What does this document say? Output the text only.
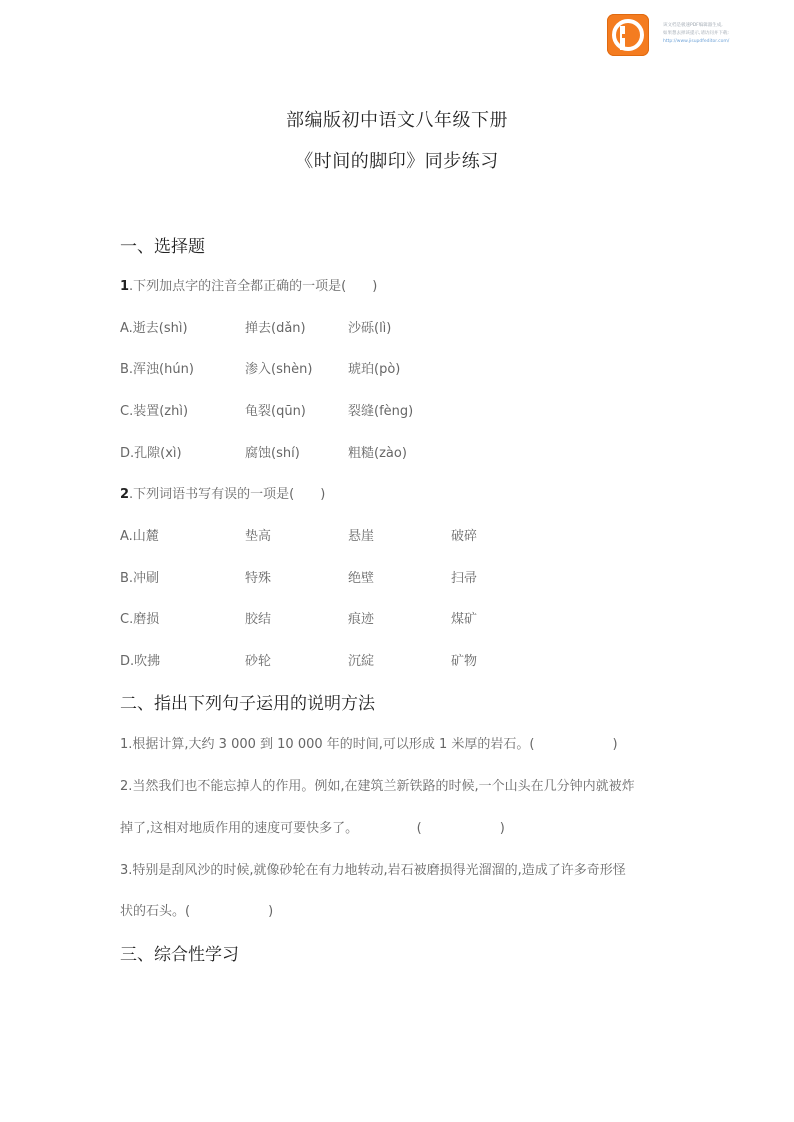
该文档是极速PDF编辑器生成,
如果想去掉该提示,请访问并下载:
http://www.jisupdfeditor.com/
部编版初中语文八年级下册
《时间的脚印》同步练习
一、选择题
1.下列加点字的注音全都正确的一项是(　　)
A.逝去(shì)	掸去(dǎn)	沙砾(lì)
B.浑浊(hún)	渗入(shèn)	琥珀(pò)
C.装置(zhì)	龟裂(qūn)	裂缝(fèng)
D.孔隙(xì)	腐蚀(shí)	粗糙(zào)
2.下列词语书写有误的一项是(　　)
A.山麓	垫高	悬崖	破碎
B.冲刷	特殊	绝壁	扫帚
C.磨损	胶结	痕迹	煤矿
D.吹拂	砂轮	沉綻	矿物
二、指出下列句子运用的说明方法
1.根据计算,大约 3 000 到 10 000 年的时间,可以形成 1 米厚的岩石。(　　　　　　)
2.当然我们也不能忘掉人的作用。例如,在建筑兰新铁路的时候,一个山头在几分钟内就被炸
掉了,这相对地质作用的速度可要快多了。　　　　　(　　　　　　)
3.特别是刮风沙的时候,就像砂轮在有力地转动,岩石被磨损得光溜溜的,造成了许多奇形怪
状的石头。(　　　　　　)
三、综合性学习
